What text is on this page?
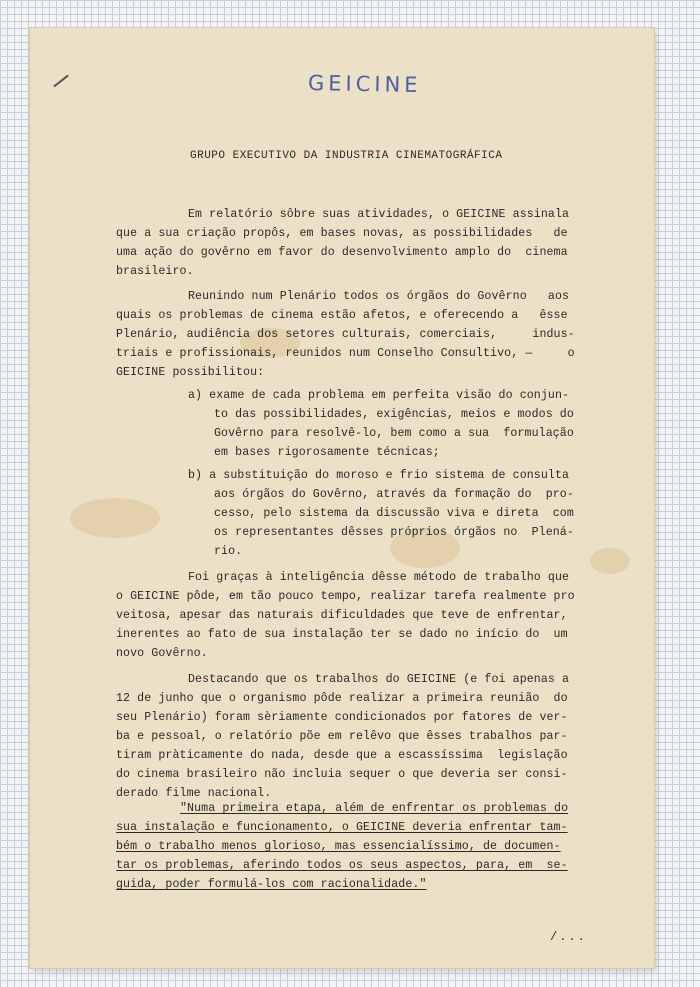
GEICINE
GRUPO EXECUTIVO DA INDUSTRIA CINEMATOGRÁFICA
Em relatório sôbre suas atividades, o GEICINE assinala
que a sua criação propôs, em bases novas, as possibilidades   de
uma ação do govêrno em favor do desenvolvimento amplo do  cinema
brasileiro.
Reunindo num Plenário todos os órgãos do Govêrno   aos
quais os problemas de cinema estão afetos, e oferecendo a   êsse
Plenário, audiência dos setores culturais, comerciais,     indus-
triais e profissionais, reunidos num Conselho Consultivo, —     o
GEICINE possibilitou:
a) exame de cada problema em perfeita visão do conjun-
to das possibilidades, exigências, meios e modos do
Govêrno para resolvê-lo, bem como a sua  formulação
em bases rigorosamente técnicas;
b) a substituição do moroso e frio sistema de consulta
aos órgãos do Govêrno, através da formação do  pro-
cesso, pelo sistema da discussão viva e direta  com
os representantes dêsses próprios órgãos no  Plená-
rio.
Foi graças à inteligência dêsse método de trabalho que
o GEICINE pôde, em tão pouco tempo, realizar tarefa realmente pro
veitosa, apesar das naturais dificuldades que teve de enfrentar,
inerentes ao fato de sua instalação ter se dado no início do  um
novo Govêrno.
Destacando que os trabalhos do GEICINE (e foi apenas a
12 de junho que o organismo pôde realizar a primeira reunião  do
seu Plenário) foram sèriamente condicionados por fatores de ver-
ba e pessoal, o relatório põe em relêvo que êsses trabalhos par-
tiram pràticamente do nada, desde que a escassíssima  legislação
do cinema brasileiro não incluia sequer o que deveria ser consi-
derado filme nacional.
"Numa primeira etapa, além de enfrentar os problemas do
sua instalação e funcionamento, o GEICINE deveria enfrentar tam-
bém o trabalho menos glorioso, mas essencialíssimo, de documen-
tar os problemas, aferindo todos os seus aspectos, para, em  se-
guida, poder formulá-los com racionalidade."
/...
